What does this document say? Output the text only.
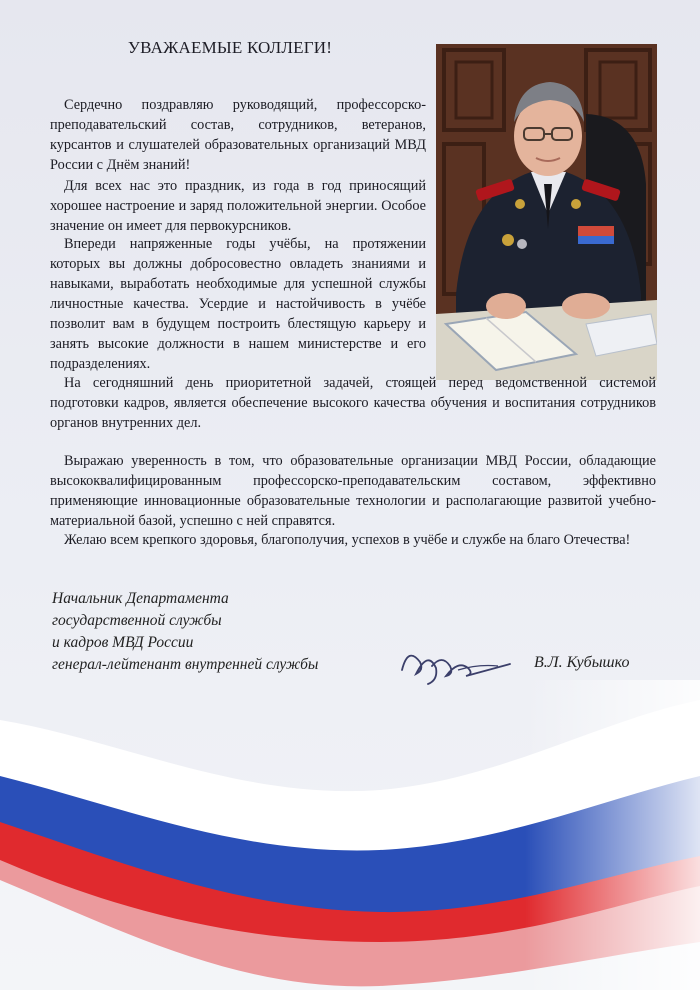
УВАЖАЕМЫЕ КОЛЛЕГИ!

Сердечно поздравляю руководящий, профессорско-преподавательский состав, сотрудников, ветеранов, курсантов и слушателей образовательных организаций МВД России с Днём знаний!

Для всех нас это праздник, из года в год приносящий хорошее настроение и заряд положительной энергии. Особое значение он имеет для первокурсников.

Впереди напряженные годы учёбы, на протяжении которых вы должны добросовестно овладеть знаниями и навыками, выработать необходимые для успешной службы личностные качества. Усердие и настойчивость в учёбе позволит вам в будущем построить блестящую карьеру и занять высокие должности в нашем министерстве и его подразделениях.

На сегодняшний день приоритетной задачей, стоящей перед ведомственной системой подготовки кадров, является обеспечение высокого качества обучения и воспитания сотрудников органов внутренних дел.

Выражаю уверенность в том, что образовательные организации МВД России, обладающие высококвалифицированным профессорско-преподавательским составом, эффективно применяющие инновационные образовательные технологии и располагающие развитой учебно-материальной базой, успешно с ней справятся.

Желаю всем крепкого здоровья, благополучия, успехов в учёбе и службе на благо Отечества!

Начальник Департамента
государственной службы
и кадров МВД России
генерал-лейтенант внутренней службы	В.Л. Кубышко
